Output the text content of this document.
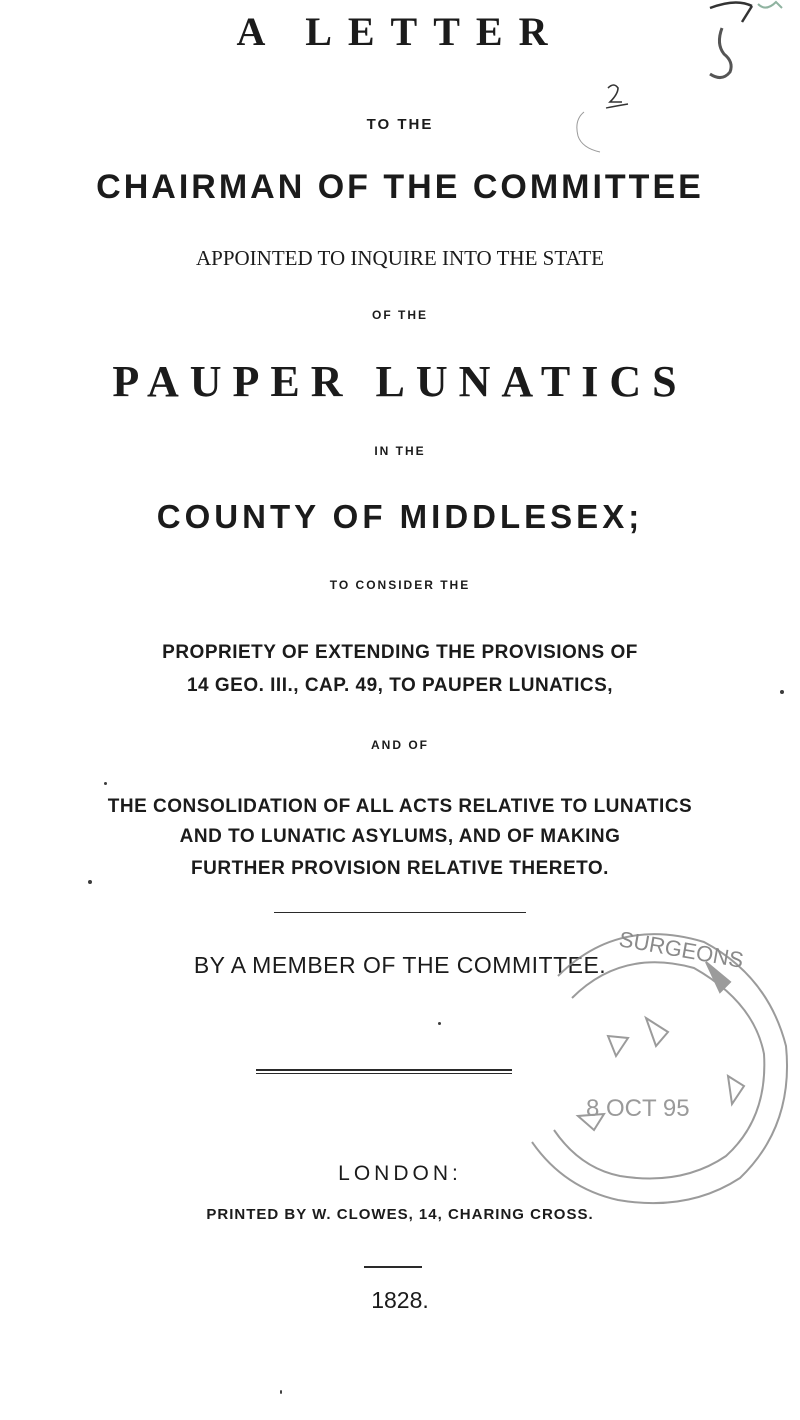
A LETTER
TO THE
CHAIRMAN OF THE COMMITTEE
APPOINTED TO INQUIRE INTO THE STATE
OF THE
PAUPER LUNATICS
IN THE
COUNTY OF MIDDLESEX;
TO CONSIDER THE
PROPRIETY OF EXTENDING THE PROVISIONS OF
14 GEO. III., CAP. 49, TO PAUPER LUNATICS,
AND OF
THE CONSOLIDATION OF ALL ACTS RELATIVE TO LUNATICS
AND TO LUNATIC ASYLUMS, AND OF MAKING
FURTHER PROVISION RELATIVE THERETO.
BY A MEMBER OF THE COMMITTEE. SURGEONS
8 OCT 95
LONDON:
PRINTED BY W. CLOWES, 14, CHARING CROSS.
1828.
